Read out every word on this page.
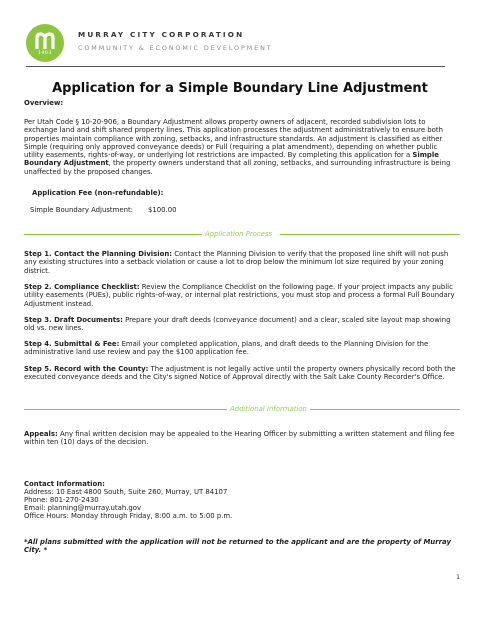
1903
MURRAY CITY CORPORATION
COMMUNITY & ECONOMIC DEVELOPMENT
Application for a Simple Boundary Line Adjustment
Overview:
Per Utah Code § 10-20-906, a Boundary Adjustment allows property owners of adjacent, recorded subdivision lots to exchange land and shift shared property lines. This application processes the adjustment administratively to ensure both properties maintain compliance with zoning, setbacks, and infrastructure standards. An adjustment is classified as either Simple (requiring only approved conveyance deeds) or Full (requiring a plat amendment), depending on whether public utility easements, rights-of-way, or underlying lot restrictions are impacted. By completing this application for a Simple Boundary Adjustment, the property owners understand that all zoning, setbacks, and surrounding infrastructure is being unaffected by the proposed changes.
Application Fee (non-refundable):
Simple Boundary Adjustment: $100.00
Application Process
Step 1. Contact the Planning Division: Contact the Planning Division to verify that the proposed line shift will not push any existing structures into a setback violation or cause a lot to drop below the minimum lot size required by your zoning district.
Step 2. Compliance Checklist: Review the Compliance Checklist on the following page. If your project impacts any public utility easements (PUEs), public rights-of-way, or internal plat restrictions, you must stop and process a formal Full Boundary Adjustment instead.
Step 3. Draft Documents: Prepare your draft deeds (conveyance document) and a clear, scaled site layout map showing old vs. new lines.
Step 4. Submittal & Fee: Email your completed application, plans, and draft deeds to the Planning Division for the administrative land use review and pay the $100 application fee.
Step 5. Record with the County: The adjustment is not legally active until the property owners physically record both the executed conveyance deeds and the City's signed Notice of Approval directly with the Salt Lake County Recorder's Office.
Additional Information
Appeals: Any final written decision may be appealed to the Hearing Officer by submitting a written statement and filing fee within ten (10) days of the decision.
Contact Information:
Address: 10 East 4800 South, Suite 260, Murray, UT 84107
Phone: 801-270-2430
Email: planning@murray.utah.gov
Office Hours: Monday through Friday, 8:00 a.m. to 5:00 p.m.
*All plans submitted with the application will not be returned to the applicant and are the property of Murray City. *
1
